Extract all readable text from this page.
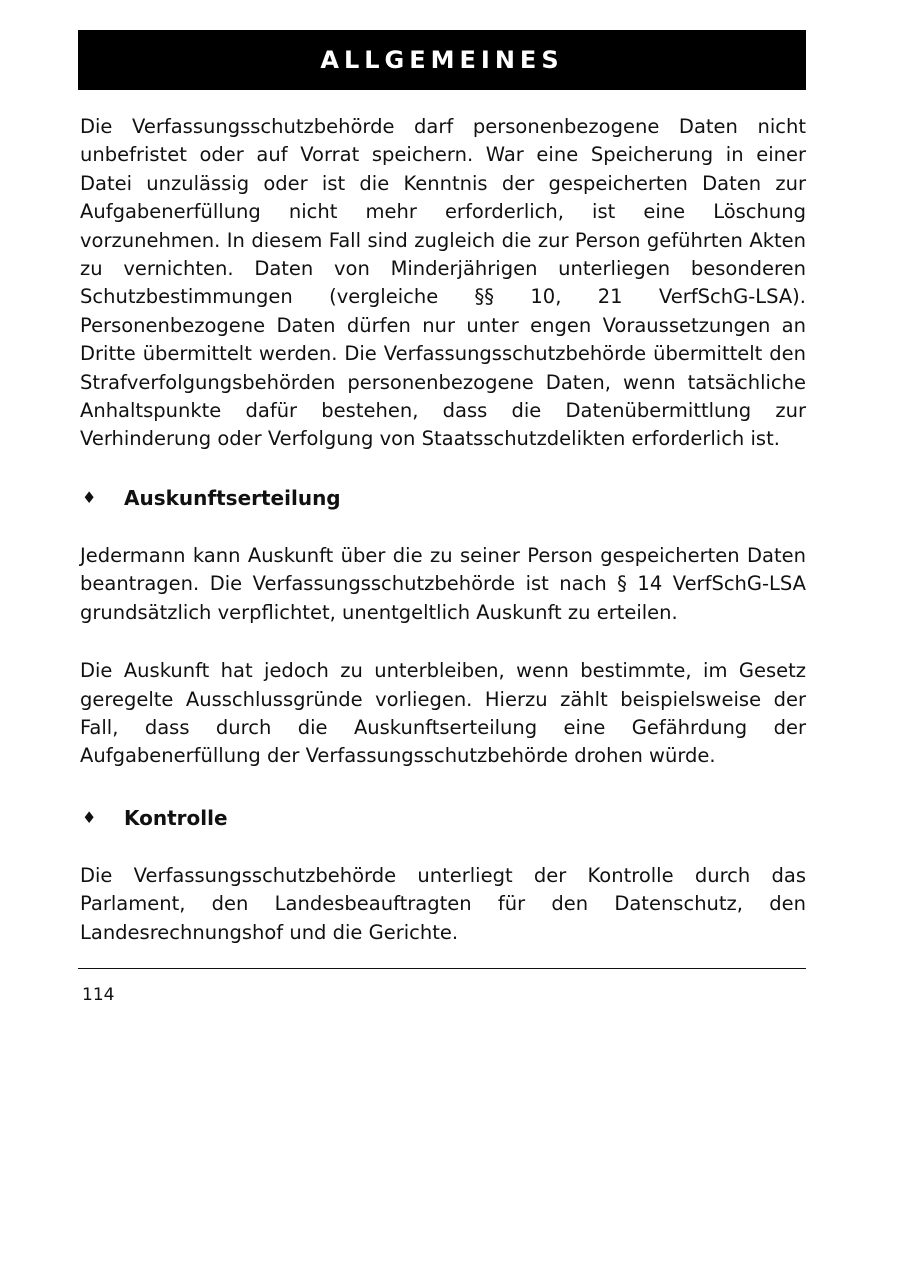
ALLGEMEINES

Die Verfassungsschutzbehörde darf personenbezogene Daten nicht unbefristet oder auf Vorrat speichern. War eine Speicherung in einer Datei unzulässig oder ist die Kenntnis der gespeicherten Daten zur Aufgabenerfüllung nicht mehr erforderlich, ist eine Löschung vorzunehmen. In diesem Fall sind zugleich die zur Person geführten Akten zu vernichten. Daten von Minderjährigen unterliegen besonderen Schutzbestimmungen (vergleiche §§ 10, 21 VerfSchG-LSA). Personenbezogene Daten dürfen nur unter engen Voraussetzungen an Dritte übermittelt werden. Die Verfassungsschutzbehörde übermittelt den Strafverfolgungsbehörden personenbezogene Daten, wenn tatsächliche Anhaltspunkte dafür bestehen, dass die Datenübermittlung zur Verhinderung oder Verfolgung von Staatsschutzdelikten erforderlich ist.

♦	Auskunftserteilung

Jedermann kann Auskunft über die zu seiner Person gespeicherten Daten beantragen. Die Verfassungsschutzbehörde ist nach § 14 VerfSchG-LSA grundsätzlich verpflichtet, unentgeltlich Auskunft zu erteilen.

Die Auskunft hat jedoch zu unterbleiben, wenn bestimmte, im Gesetz geregelte Ausschlussgründe vorliegen. Hierzu zählt beispielsweise der Fall, dass durch die Auskunftserteilung eine Gefährdung der Aufgabenerfüllung der Verfassungsschutzbehörde drohen würde.

♦	Kontrolle

Die Verfassungsschutzbehörde unterliegt der Kontrolle durch das Parlament, den Landesbeauftragten für den Datenschutz, den Landesrechnungshof und die Gerichte.

114
